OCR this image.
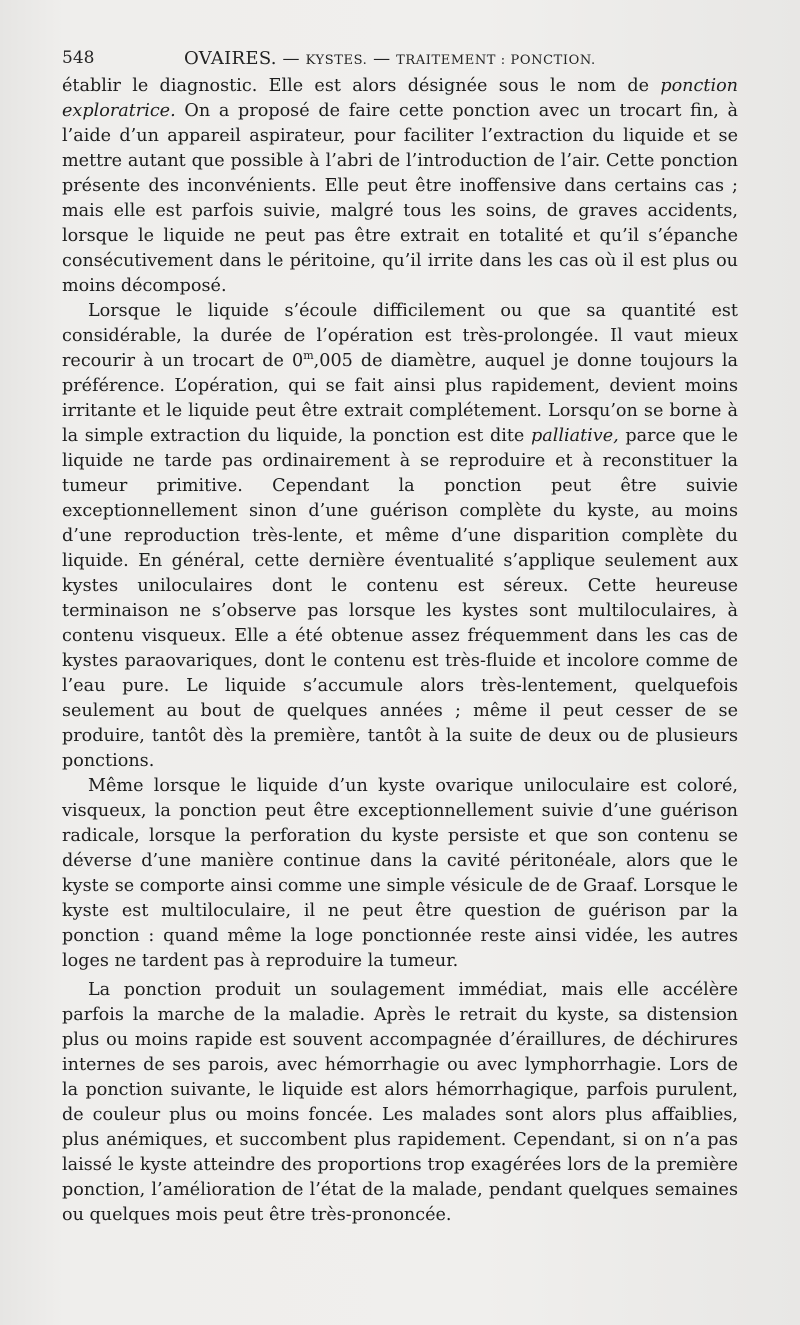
548	OVAIRES. — KYSTES. — TRAITEMENT : PONCTION.

établir le diagnostic. Elle est alors désignée sous le nom de ponction exploratrice. On a proposé de faire cette ponction avec un trocart fin, à l’aide d’un appareil aspirateur, pour faciliter l’extraction du liquide et se mettre autant que possible à l’abri de l’introduction de l’air. Cette ponction présente des inconvénients. Elle peut être inoffensive dans certains cas ; mais elle est parfois suivie, malgré tous les soins, de graves accidents, lorsque le liquide ne peut pas être extrait en totalité et qu’il s’épanche consécutivement dans le péritoine, qu’il irrite dans les cas où il est plus ou moins décomposé.

Lorsque le liquide s’écoule difficilement ou que sa quantité est considérable, la durée de l’opération est très-prolongée. Il vaut mieux recourir à un trocart de 0$^m$,005 de diamètre, auquel je donne toujours la préférence. L’opération, qui se fait ainsi plus rapidement, devient moins irritante et le liquide peut être extrait complétement. Lorsqu’on se borne à la simple extraction du liquide, la ponction est dite palliative, parce que le liquide ne tarde pas ordinairement à se reproduire et à reconstituer la tumeur primitive. Cependant la ponction peut être suivie exceptionnellement sinon d’une guérison complète du kyste, au moins d’une reproduction très-lente, et même d’une disparition complète du liquide. En général, cette dernière éventualité s’applique seulement aux kystes uniloculaires dont le contenu est séreux. Cette heureuse terminaison ne s’observe pas lorsque les kystes sont multiloculaires, à contenu visqueux. Elle a été obtenue assez fréquemment dans les cas de kystes paraovariques, dont le contenu est très-fluide et incolore comme de l’eau pure. Le liquide s’accumule alors très-lentement, quelquefois seulement au bout de quelques années ; même il peut cesser de se produire, tantôt dès la première, tantôt à la suite de deux ou de plusieurs ponctions.

Même lorsque le liquide d’un kyste ovarique uniloculaire est coloré, visqueux, la ponction peut être exceptionnellement suivie d’une guérison radicale, lorsque la perforation du kyste persiste et que son contenu se déverse d’une manière continue dans la cavité péritonéale, alors que le kyste se comporte ainsi comme une simple vésicule de de Graaf. Lorsque le kyste est multiloculaire, il ne peut être question de guérison par la ponction : quand même la loge ponctionnée reste ainsi vidée, les autres loges ne tardent pas à reproduire la tumeur.

La ponction produit un soulagement immédiat, mais elle accélère parfois la marche de la maladie. Après le retrait du kyste, sa distension plus ou moins rapide est souvent accompagnée d’éraillures, de déchirures internes de ses parois, avec hémorrhagie ou avec lymphorrhagie. Lors de la ponction suivante, le liquide est alors hémorrhagique, parfois purulent, de couleur plus ou moins foncée. Les malades sont alors plus affaiblies, plus anémiques, et succombent plus rapidement. Cependant, si on n’a pas laissé le kyste atteindre des proportions trop exagérées lors de la première ponction, l’amélioration de l’état de la malade, pendant quelques semaines ou quelques mois peut être très-prononcée.
